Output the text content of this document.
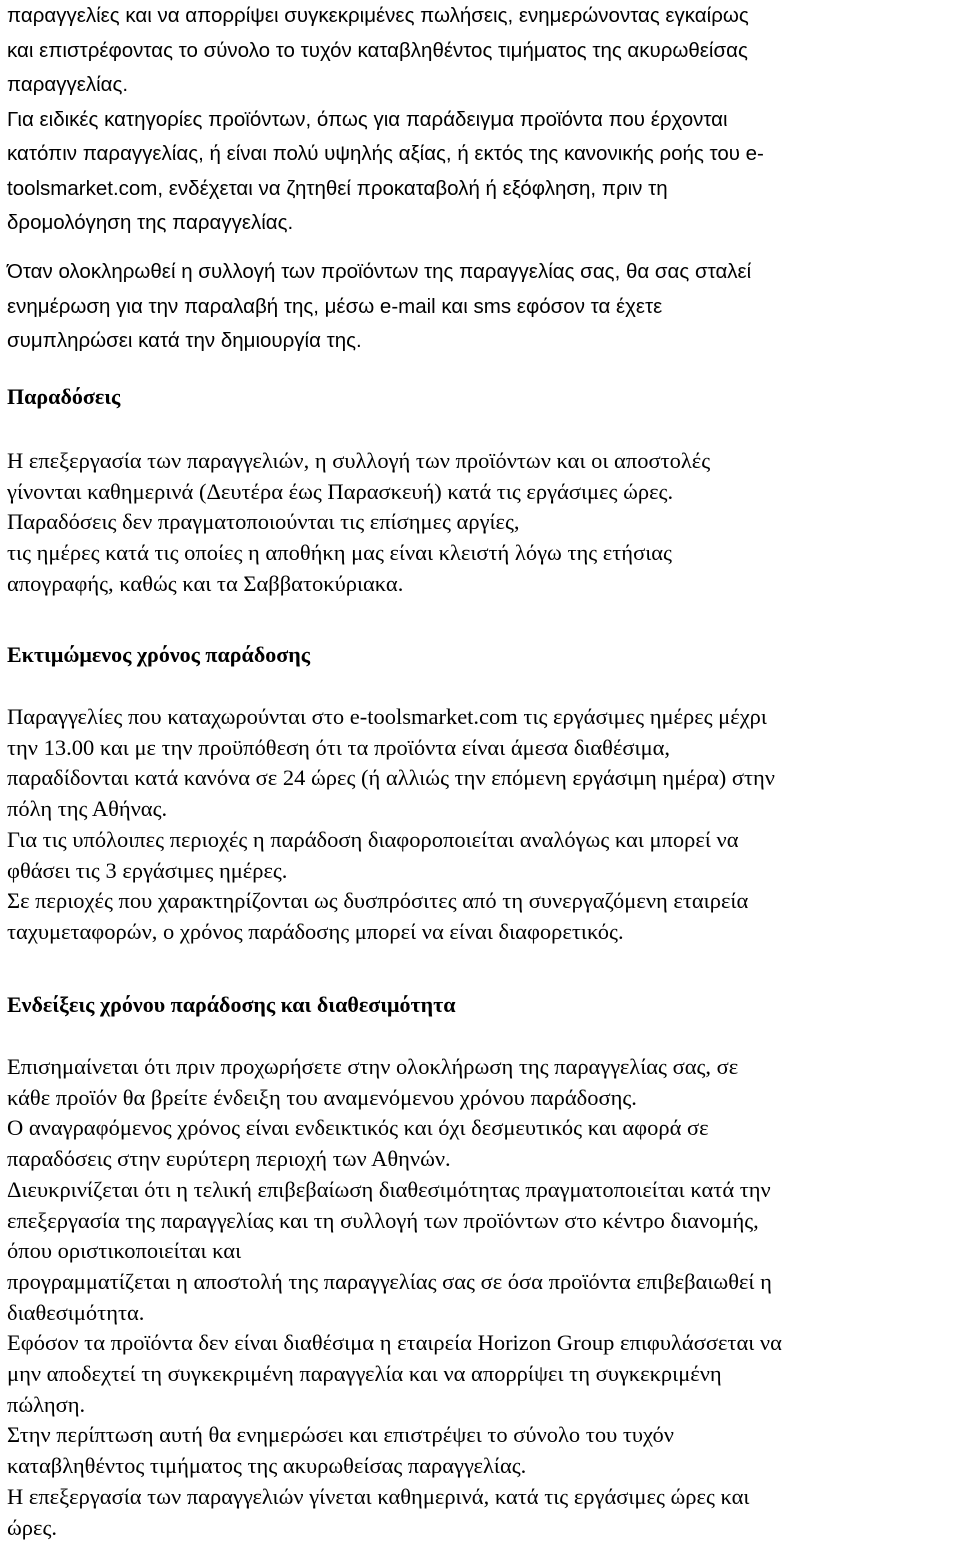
παραγγελίες και να απορρίψει συγκεκριμένες πωλήσεις, ενημερώνοντας εγκαίρως
και επιστρέφοντας το σύνολο το τυχόν καταβληθέντος τιμήματος της ακυρωθείσας
παραγγελίας.
Για ειδικές κατηγορίες προϊόντων, όπως για παράδειγμα προϊόντα που έρχονται
κατόπιν παραγγελίας, ή είναι πολύ υψηλής αξίας, ή εκτός της κανονικής ροής του e-
toolsmarket.com, ενδέχεται να ζητηθεί προκαταβολή ή εξόφληση, πριν τη
δρομολόγηση της παραγγελίας.
Όταν ολοκληρωθεί η συλλογή των προϊόντων της παραγγελίας σας, θα σας σταλεί
ενημέρωση για την παραλαβή της, μέσω e-mail και sms εφόσον τα έχετε
συμπληρώσει κατά την δημιουργία της.
Παραδόσεις
Η επεξεργασία των παραγγελιών, η συλλογή των προϊόντων και οι αποστολές
γίνονται καθημερινά (Δευτέρα έως Παρασκευή) κατά τις εργάσιμες ώρες.
Παραδόσεις δεν πραγματοποιούνται τις επίσημες αργίες,
τις ημέρες κατά τις οποίες η αποθήκη μας είναι κλειστή λόγω της ετήσιας
απογραφής, καθώς και τα Σαββατοκύριακα.
Εκτιμώμενος χρόνος παράδοσης
Παραγγελίες που καταχωρούνται στο e-toolsmarket.com τις εργάσιμες ημέρες μέχρι
την 13.00 και με την προϋπόθεση ότι τα προϊόντα είναι άμεσα διαθέσιμα,
παραδίδονται κατά κανόνα σε 24 ώρες (ή αλλιώς την επόμενη εργάσιμη ημέρα) στην
πόλη της Αθήνας.
Για τις υπόλοιπες περιοχές η παράδοση διαφοροποιείται αναλόγως και μπορεί να
φθάσει τις 3 εργάσιμες ημέρες.
Σε περιοχές που χαρακτηρίζονται ως δυσπρόσιτες από τη συνεργαζόμενη εταιρεία
ταχυμεταφορών, ο χρόνος παράδοσης μπορεί να είναι διαφορετικός.
Ενδείξεις χρόνου παράδοσης και διαθεσιμότητα
Επισημαίνεται ότι πριν προχωρήσετε στην ολοκλήρωση της παραγγελίας σας, σε
κάθε προϊόν θα βρείτε ένδειξη του αναμενόμενου χρόνου παράδοσης.
Ο αναγραφόμενος χρόνος είναι ενδεικτικός και όχι δεσμευτικός και αφορά σε
παραδόσεις στην ευρύτερη περιοχή των Αθηνών.
Διευκρινίζεται ότι η τελική επιβεβαίωση διαθεσιμότητας πραγματοποιείται κατά την
επεξεργασία της παραγγελίας και τη συλλογή των προϊόντων στο κέντρο διανομής,
όπου οριστικοποιείται και
προγραμματίζεται η αποστολή της παραγγελίας σας σε όσα προϊόντα επιβεβαιωθεί η
διαθεσιμότητα.
Εφόσον τα προϊόντα δεν είναι διαθέσιμα η εταιρεία Horizon Group επιφυλάσσεται να
μην αποδεχτεί τη συγκεκριμένη παραγγελία και να απορρίψει τη συγκεκριμένη
πώληση.
Στην περίπτωση αυτή θα ενημερώσει και επιστρέψει το σύνολο του τυχόν
καταβληθέντος τιμήματος της ακυρωθείσας παραγγελίας.
Η επεξεργασία των παραγγελιών γίνεται καθημερινά, κατά τις εργάσιμες ώρες και
ώρες.
